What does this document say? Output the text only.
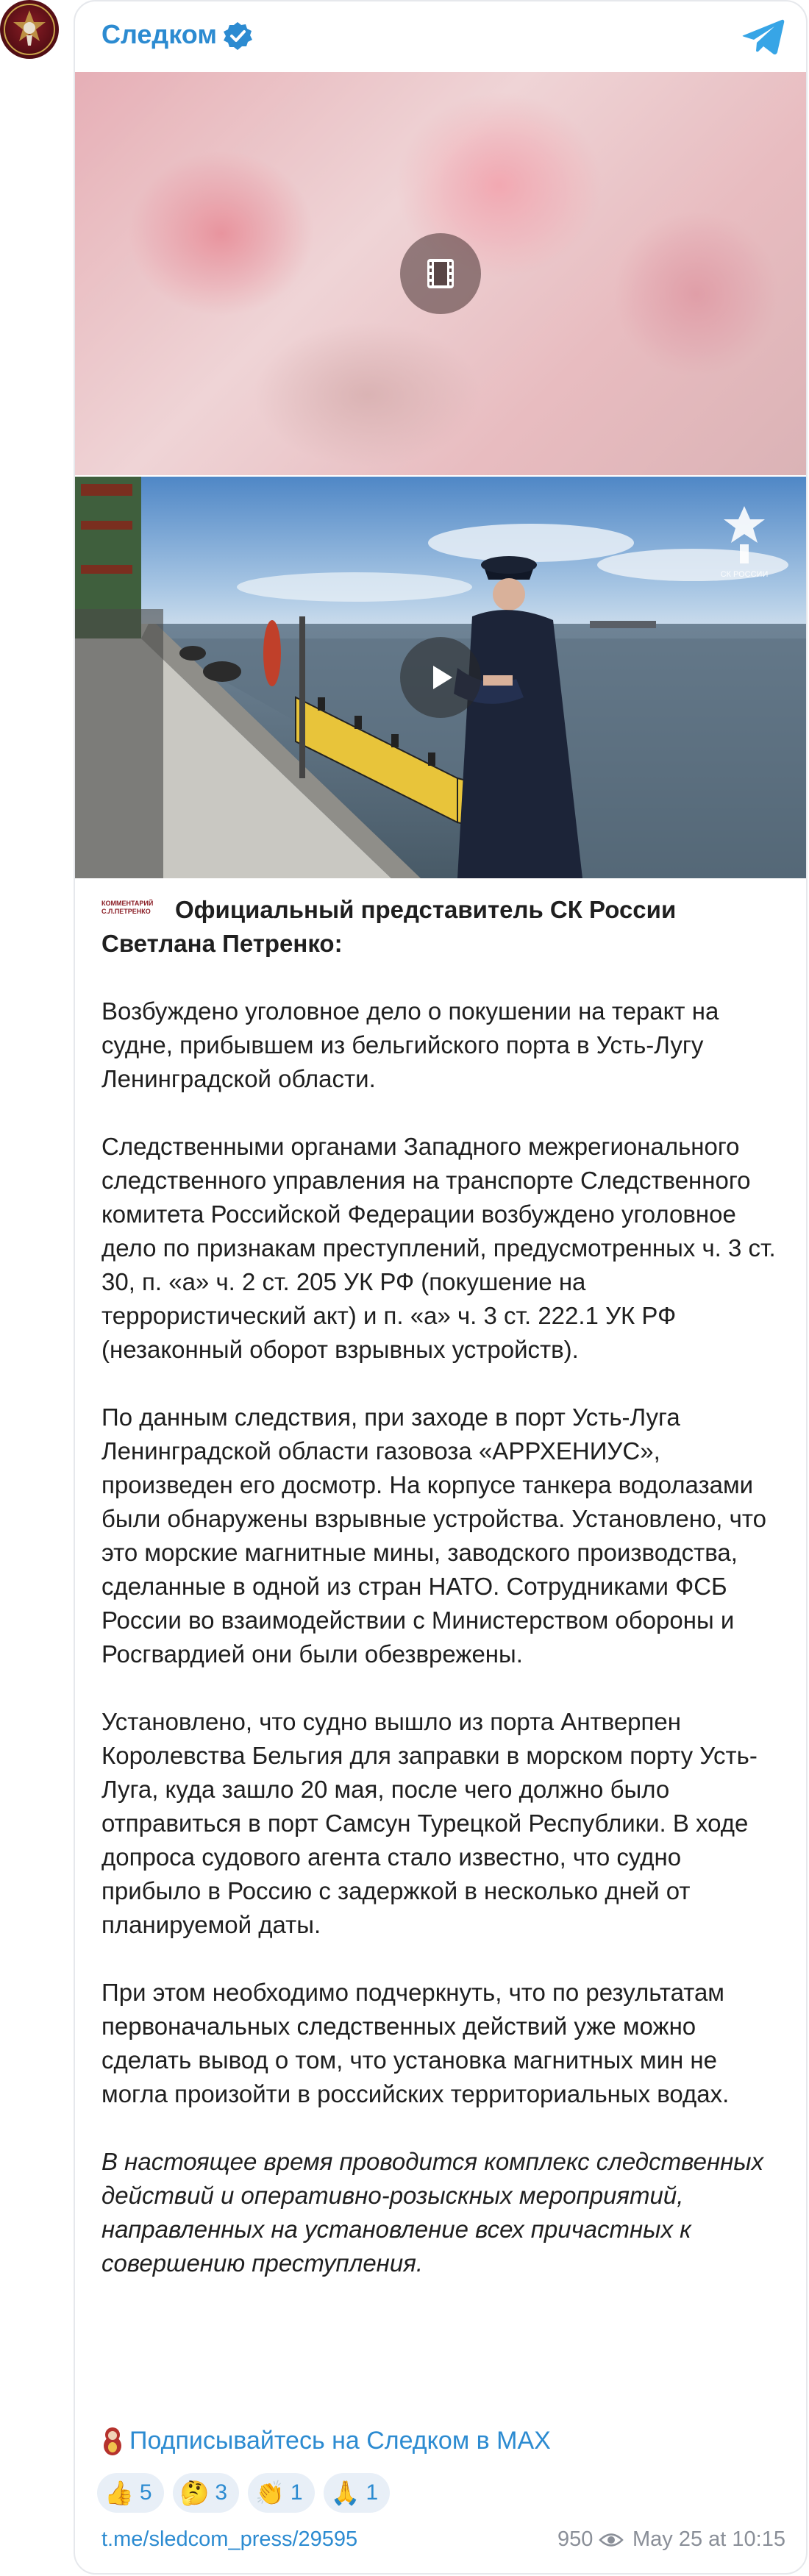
Следком
СК РОССИИ

КОММЕНТАРИЙ С.Л.ПЕТРЕНКО Официальный представитель СК России Светлана Петренко:

Возбуждено уголовное дело о покушении на теракт на судне, прибывшем из бельгийского порта в Усть-Лугу Ленинградской области.

Следственными органами Западного межрегионального следственного управления на транспорте Следственного комитета Российской Федерации возбуждено уголовное дело по признакам преступлений, предусмотренных ч. 3 ст. 30, п. «а» ч. 2 ст. 205 УК РФ (покушение на террористический акт) и п. «а» ч. 3 ст. 222.1 УК РФ (незаконный оборот взрывных устройств).

По данным следствия, при заходе в порт Усть-Луга Ленинградской области газовоза «АРРХЕНИУС», произведен его досмотр. На корпусе танкера водолазами были обнаружены взрывные устройства. Установлено, что это морские магнитные мины, заводского производства, сделанные в одной из стран НАТО. Сотрудниками ФСБ России во взаимодействии с Министерством обороны и Росгвардией они были обезврежены.

Установлено, что судно вышло из порта Антверпен Королевства Бельгия для заправки в морском порту Усть-Луга, куда зашло 20 мая, после чего должно было отправиться в порт Самсун Турецкой Республики. В ходе допроса судового агента стало известно, что судно прибыло в Россию с задержкой в несколько дней от планируемой даты.

При этом необходимо подчеркнуть, что по результатам первоначальных следственных действий уже можно сделать вывод о том, что установка магнитных мин не могла произойти в российских территориальных водах.

В настоящее время проводится комплекс следственных действий и оперативно-розыскных мероприятий, направленных на установление всех причастных к совершению преступления.

Подписывайтесь на Следком в MAX
👍 5 🤔 3 👏 1 🙏 1
t.me/sledcom_press/29595	950 May 25 at 10:15
